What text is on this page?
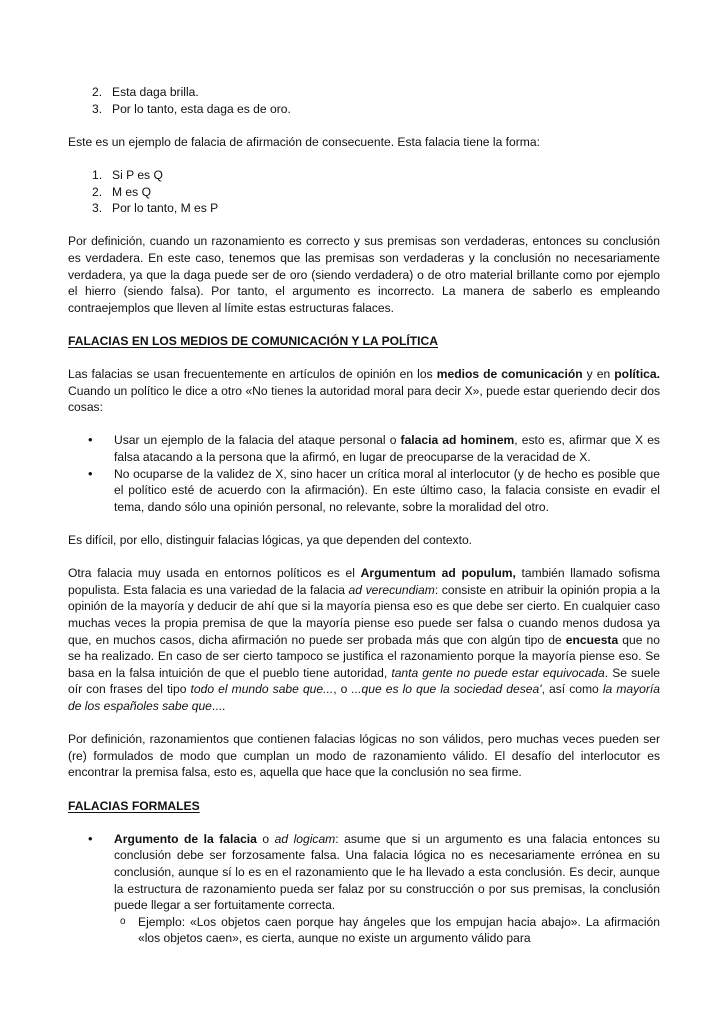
2. Esta daga brilla.
3. Por lo tanto, esta daga es de oro.

Este es un ejemplo de falacia de afirmación de consecuente. Esta falacia tiene la forma:

1. Si P es Q
2. M es Q
3. Por lo tanto, M es P

Por definición, cuando un razonamiento es correcto y sus premisas son verdaderas, entonces su conclusión es verdadera. En este caso, tenemos que las premisas son verdaderas y la conclusión no necesariamente verdadera, ya que la daga puede ser de oro (siendo verdadera) o de otro material brillante como por ejemplo el hierro (siendo falsa). Por tanto, el argumento es incorrecto. La manera de saberlo es empleando contraejemplos que lleven al límite estas estructuras falaces.

FALACIAS EN LOS MEDIOS DE COMUNICACIÓN Y LA POLÍTICA

Las falacias se usan frecuentemente en artículos de opinión en los medios de comunicación y en política. Cuando un político le dice a otro «No tienes la autoridad moral para decir X», puede estar queriendo decir dos cosas:

• Usar un ejemplo de la falacia del ataque personal o falacia ad hominem, esto es, afirmar que X es falsa atacando a la persona que la afirmó, en lugar de preocuparse de la veracidad de X.
• No ocuparse de la validez de X, sino hacer un crítica moral al interlocutor (y de hecho es posible que el político esté de acuerdo con la afirmación). En este último caso, la falacia consiste en evadir el tema, dando sólo una opinión personal, no relevante, sobre la moralidad del otro.

Es difícil, por ello, distinguir falacias lógicas, ya que dependen del contexto.

Otra falacia muy usada en entornos políticos es el Argumentum ad populum, también llamado sofisma populista. Esta falacia es una variedad de la falacia ad verecundiam: consiste en atribuir la opinión propia a la opinión de la mayoría y deducir de ahí que si la mayoría piensa eso es que debe ser cierto. En cualquier caso muchas veces la propia premisa de que la mayoría piense eso puede ser falsa o cuando menos dudosa ya que, en muchos casos, dicha afirmación no puede ser probada más que con algún tipo de encuesta que no se ha realizado. En caso de ser cierto tampoco se justifica el razonamiento porque la mayoría piense eso. Se basa en la falsa intuición de que el pueblo tiene autoridad, tanta gente no puede estar equivocada. Se suele oír con frases del tipo todo el mundo sabe que..., o ...que es lo que la sociedad desea', así como la mayoría de los españoles sabe que....

Por definición, razonamientos que contienen falacias lógicas no son válidos, pero muchas veces pueden ser (re) formulados de modo que cumplan un modo de razonamiento válido. El desafío del interlocutor es encontrar la premisa falsa, esto es, aquella que hace que la conclusión no sea firme.

FALACIAS FORMALES

• Argumento de la falacia o ad logicam: asume que si un argumento es una falacia entonces su conclusión debe ser forzosamente falsa. Una falacia lógica no es necesariamente errónea en su conclusión, aunque sí lo es en el razonamiento que le ha llevado a esta conclusión. Es decir, aunque la estructura de razonamiento pueda ser falaz por su construcción o por sus premisas, la conclusión puede llegar a ser fortuitamente correcta.
o Ejemplo: «Los objetos caen porque hay ángeles que los empujan hacia abajo». La afirmación «los objetos caen», es cierta, aunque no existe un argumento válido para
